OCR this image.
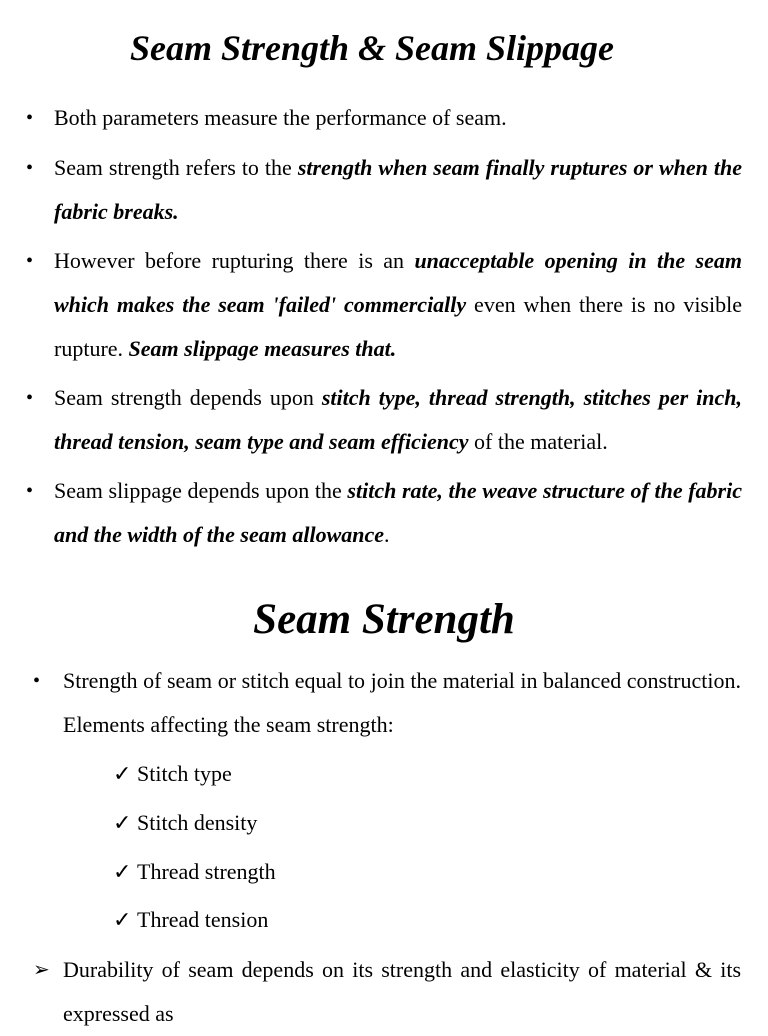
Seam Strength & Seam Slippage

• Both parameters measure the performance of seam.

• Seam strength refers to the strength when seam finally ruptures or when the fabric breaks.

• However before rupturing there is an unacceptable opening in the seam which makes the seam 'failed' commercially even when there is no visible rupture. Seam slippage measures that.

• Seam strength depends upon stitch type, thread strength, stitches per inch, thread tension, seam type and seam efficiency of the material.

• Seam slippage depends upon the stitch rate, the weave structure of the fabric and the width of the seam allowance.

Seam Strength

• Strength of seam or stitch equal to join the material in balanced construction. Elements affecting the seam strength:

✓ Stitch type

✓ Stitch density

✓ Thread strength

✓ Thread tension

➢ Durability of seam depends on its strength and elasticity of material & its expressed as
